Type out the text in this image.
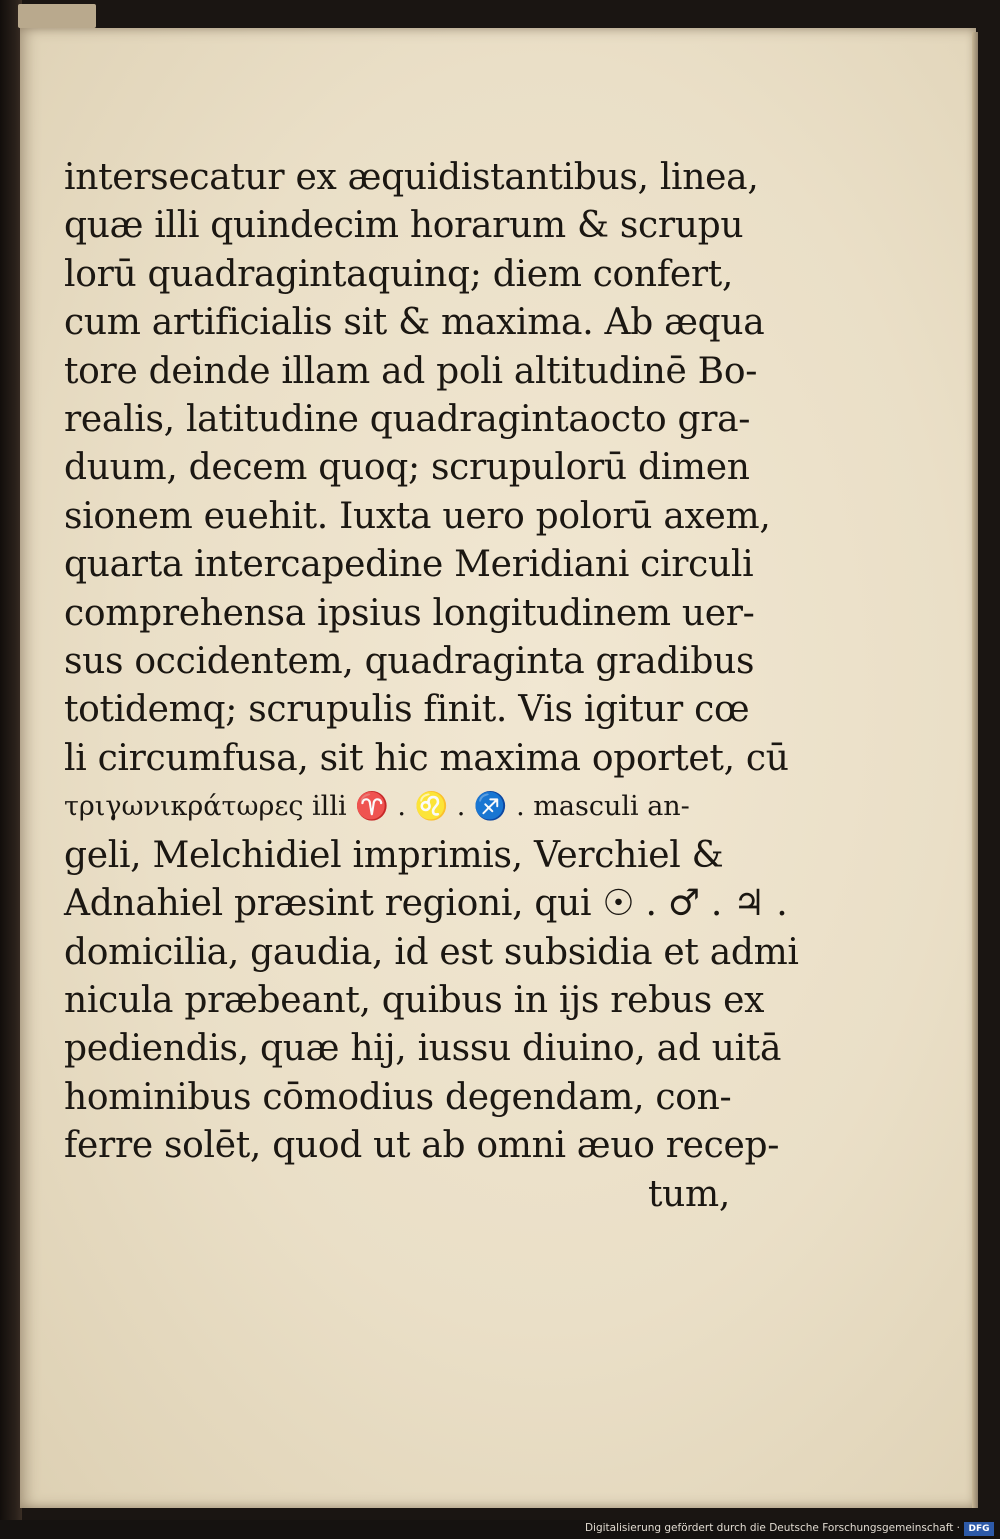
intersecatur ex æquidistantibus, linea,
quæ illi quindecim horarum & scrupu
lorū quadragintaquinq; diem confert,
cum artificialis sit & maxima. Ab æqua
tore deinde illam ad poli altitudinē Bo-
realis, latitudine quadragintaocto gra-
duum, decem quoq; scrupulorū dimen
sionem euehit. Iuxta uero polorū axem,
quarta intercapedine Meridiani circuli
comprehensa ipsius longitudinem uer-
sus occidentem, quadraginta gradibus
totidemq; scrupulis finit. Vis igitur cœ
li circumfusa, sit hic maxima oportet, cū
τριγωνικράτωρες illi ♈ . ♌ . ♐ . masculi an-
geli, Melchidiel imprimis, Verchiel &
Adnahiel præsint regioni, qui ☉ . ♂ . ♃ .
domicilia, gaudia, id est subsidia et admi
nicula præbeant, quibus in ijs rebus ex
pediendis, quæ hij, iussu diuino, ad uitā
hominibus cōmodius degendam, con-
ferre solēt, quod ut ab omni æuo recep-
tum,
Digitalisierung gefördert durch die Deutsche Forschungsgemeinschaft · DFG
